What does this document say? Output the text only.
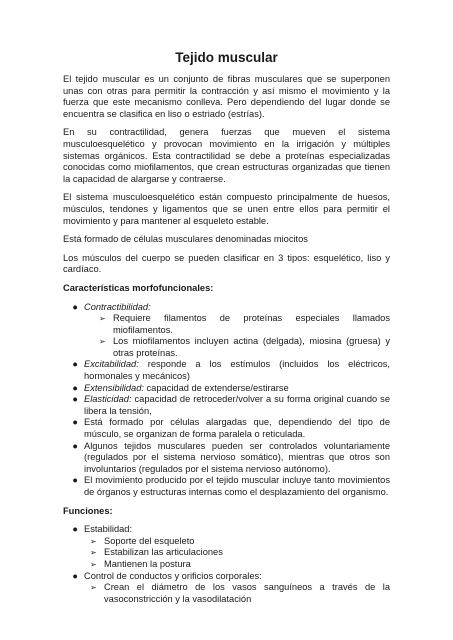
Tejido muscular

El tejido muscular es un conjunto de fibras musculares que se superponen unas con otras para permitir la contracción y así mismo el movimiento y la fuerza que este mecanismo conlleva. Pero dependiendo del lugar donde se encuentra se clasifica en liso o estriado (estrías).

En su contractilidad, genera fuerzas que mueven el sistema musculoesquelético y provocan movimiento en la irrigación y múltiples sistemas orgánicos. Esta contractilidad se debe a proteínas especializadas conocidas como miofilamentos, que crean estructuras organizadas que tienen la capacidad de alargarse y contraerse.

El sistema musculoesquelético están compuesto principalmente de huesos, músculos, tendones y ligamentos que se unen entre ellos para permitir el movimiento y para mantener al esqueleto estable.

Está formado de células musculares denominadas miocitos

Los músculos del cuerpo se pueden clasificar en 3 tipos: esquelético, liso y cardíaco.

Características morfofuncionales:
● Contractibilidad:
➢ Requiere filamentos de proteínas especiales llamados miofilamentos.
➢ Los miofilamentos incluyen actina (delgada), miosina (gruesa) y otras proteínas.
● Excitabilidad: responde a los estímulos (incluidos los eléctricos, hormonales y mecánicos)
● Extensibilidad: capacidad de extenderse/estirarse
● Elasticidad: capacidad de retroceder/volver a su forma original cuando se libera la tensión,
● Está formado por células alargadas que, dependiendo del tipo de músculo, se organizan de forma paralela o reticulada.
● Algunos tejidos musculares pueden ser controlados voluntariamente (regulados por el sistema nervioso somático), mientras que otros son involuntarios (regulados por el sistema nervioso autónomo).
● El movimiento producido por el tejido muscular incluye tanto movimientos de órganos y estructuras internas como el desplazamiento del organismo.
Funciones:
● Estabilidad:
➢ Soporte del esqueleto
➢ Estabilizan las articulaciones
➢ Mantienen la postura
● Control de conductos y orificios corporales:
➢ Crean el diámetro de los vasos sanguíneos a través de la vasoconstricción y la vasodilatación
